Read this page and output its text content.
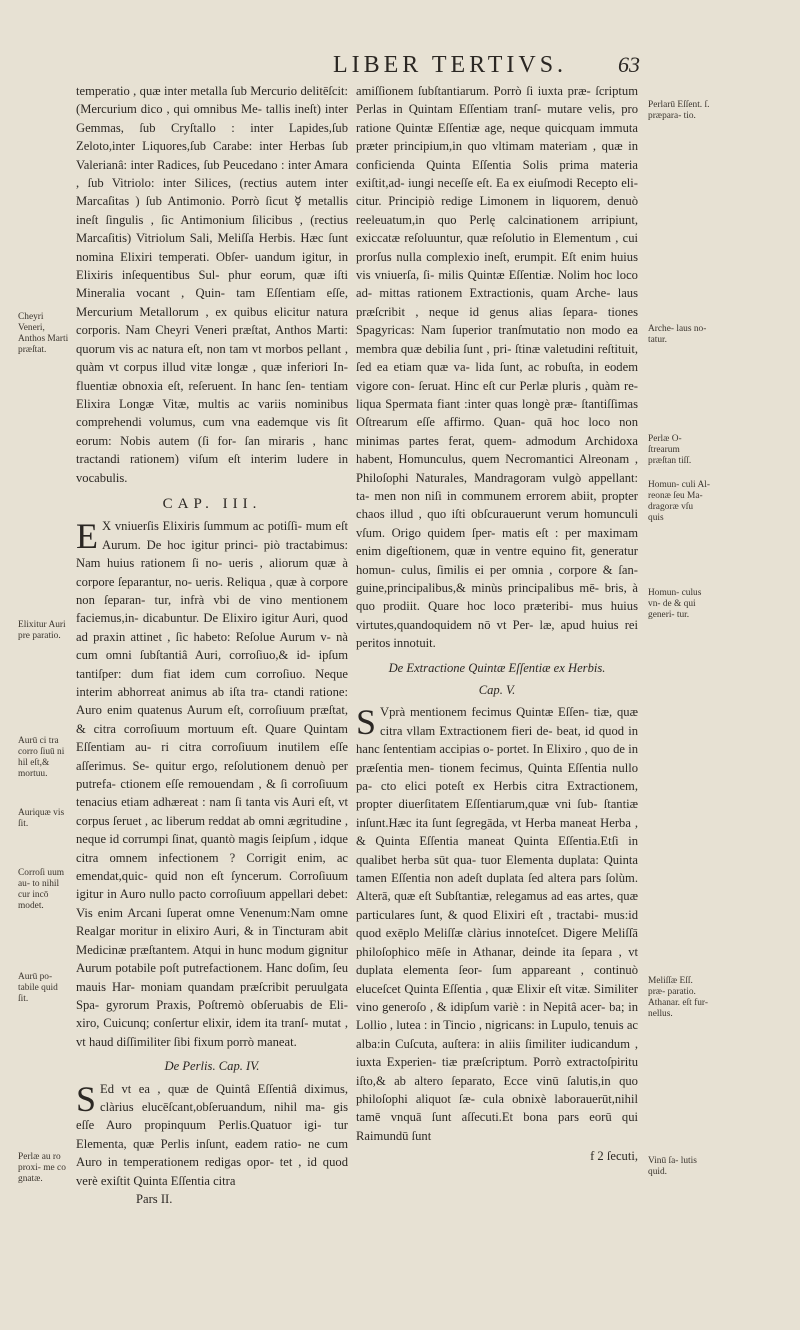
LIBER TERTIVS.	63
Cheyri Veneri, Anthos Marti præſtat.
Elixitur Auri pre paratio.
Aurū ci tra corro ſiuū ni hil eſt,& mortuu.
Auriquæ vis ſit.
Corroſi uum au- to nihil cur incō modet.
Aurū po- tabile quid ſit.
Perlæ au ro proxi- me co gnatæ.
Perlarū Eſſent. ſ. præpara- tio.
Arche- laus no- tatur.
Perlæ O- ſtrearum præſtan tiſſ.
Homun- culi Al- reonæ ſeu Ma- dragoræ vſu quis
Homun- culus vn- de & qui generi- tur.
Meliſſæ Eſſ. præ- paratio. Athanar. eſt fur- nellus.
Vinū ſa- lutis quid.

temperatio , quæ inter metalla ſub Mercurio delitēſcit: (Mercurium dico , qui omnibus Me- tallis ineſt) inter Gemmas, ſub Cryſtallo : inter Lapides,ſub Zeloto,inter Liquores,ſub Carabe: inter Herbas ſub Valerianâ: inter Radices, ſub Peucedano : inter Amara , ſub Vitriolo: inter Silices, (rectius autem inter Marcaſitas ) ſub Antimonio. Porrò ſicut ☿ metallis ineſt ſingulis , ſic Antimonium ſilicibus , (rectius Marcaſitis) Vitriolum Sali, Meliſſa Herbis. Hæc ſunt nomina Elixiri temperati. Obſer- uandum igitur, in Elixiris inſequentibus Sul- phur eorum, quæ iſti Mineralia vocant , Quin- tam Eſſentiam eſſe, Mercurium Metallorum , ex quibus elicitur natura corporis. Nam Cheyri Veneri præſtat, Anthos Marti: quorum vis ac natura eſt, non tam vt morbos pellant , quàm vt corpus illud vitæ longæ , quæ inferiori In- fluentiæ obnoxia eſt, reſeruent. In hanc ſen- tentiam Elixira Longæ Vitæ, multis ac variis nominibus comprehendi volumus, cum vna eademque vis ſit eorum: Nobis autem (ſi for- ſan miraris , hanc tractandi rationem) viſum eſt interim ludere in vocabulis.

CAP. III.

E X vniuerſis Elixiris ſummum ac potiſſi- mum eſt Aurum. De hoc igitur princi- piò tractabimus: Nam huius rationem ſi no- ueris , aliorum quæ à corpore ſeparantur, no- ueris. Reliqua , quæ à corpore non ſeparan- tur, infrà vbi de vino mentionem faciemus,in- dicabuntur. De Elixiro igitur Auri, quod ad praxin attinet , ſic habeto: Reſolue Aurum v- nà cum omni ſubſtantiâ Auri, corroſiuo,& id- ipſum tantiſper: dum fiat idem cum corroſiuo. Neque interim abhorreat animus ab iſta tra- ctandi ratione: Auro enim quatenus Aurum eſt, corroſiuum præſtat, & citra corroſiuum mortuum eſt. Quare Quintam Eſſentiam au- ri citra corroſiuum inutilem eſſe aſſerimus. Se- quitur ergo, reſolutionem denuò per putrefa- ctionem eſſe remouendam , & ſi corroſiuum tenacius etiam adhæreat : nam ſi tanta vis Auri eſt, vt corpus ſeruet , ac liberum reddat ab omni ægritudine , neque id corrumpi ſinat, quantò magis ſeipſum , idque citra omnem infectionem ? Corrigit enim, ac emendat,quic- quid non eſt ſyncerum. Corroſiuum igitur in Auro nullo pacto corroſiuum appellari debet: Vis enim Arcani ſuperat omne Venenum:Nam omne Realgar moritur in elixiro Auri, & in Tincturam abit Medicinæ præſtantem. Atqui in hunc modum gignitur Aurum potabile poſt putrefactionem. Hanc doſim, ſeu mauis Har- moniam quandam præſcribit peruulgata Spa- gyrorum Praxis, Poſtremò obſeruabis de Eli- xiro, Cuicunq; conſertur elixir, idem ita tranſ- mutat , vt haud diſſimiliter ſibi fixum porrò maneat.

De Perlis. Cap. IV.

S Ed vt ea , quæ de Quintâ Eſſentiâ diximus, clàrius elucēſcant,obſeruandum, nihil ma- gis eſſe Auro propinquum Perlis.Quatuor igi- tur Elementa, quæ Perlis inſunt, eadem ratio- ne cum Auro in temperationem redigas opor- tet , id quod verè exiſtit Quinta Eſſentia citra

Pars II.

amiſſionem ſubſtantiarum. Porrò ſi iuxta præ- ſcriptum Perlas in Quintam Eſſentiam tranſ- mutare velis, pro ratione Quintæ Eſſentiæ age, neque quicquam immuta præter principium,in quo vltimam materiam , quæ in conficienda Quinta Eſſentia Solis prima materia exiſtit,ad- iungi neceſſe eſt. Ea ex eiuſmodi Recepto eli- citur. Principiò redige Limonem in liquorem, denuò reeleuatum,in quo Perlę calcinationem arripiunt, exiccatæ reſoluuntur, quæ reſolutio in Elementum , cui prorſus nulla complexio ineſt, erumpit. Eſt enim huius vis vniuerſa, ſi- milis Quintæ Eſſentiæ. Nolim hoc loco ad- mittas rationem Extractionis, quam Arche- laus præſcribit , neque id genus alias ſepara- tiones Spagyricas: Nam ſuperior tranſmutatio non modo ea membra quæ debilia ſunt , pri- ſtinæ valetudini reſtituit, ſed ea etiam quæ va- lida ſunt, ac robuſta, in eodem vigore con- ſeruat. Hinc eſt cur Perlæ pluris , quàm re- liqua Spermata fiant :inter quas longè præ- ſtantiſſimas Oſtrearum eſſe affirmo. Quan- quā hoc loco non minimas partes ferat, quem- admodum Archidoxa habent, Homunculus, quem Necromantici Alreonam , Philoſophi Naturales, Mandragoram vulgò appellant: ta- men non niſi in communem errorem abiit, propter chaos illud , quo iſti obſcurauerunt verum homunculi vſum. Origo quidem ſper- matis eſt : per maximam enim digeſtionem, quæ in ventre equino fit, generatur homun- culus, ſimilis ei per omnia , corpore & ſan- guine,principalibus,& minùs principalibus mē- bris, à quo prodiit. Quare hoc loco præteribi- mus huius virtutes,quandoquidem nō vt Per- læ, apud huius rei peritos innotuit.

De Extractione Quintæ Eſſentiæ ex Herbis.
Cap. V.

S Vprà mentionem fecimus Quintæ Eſſen- tiæ, quæ citra vllam Extractionem fieri de- beat, id quod in hanc ſententiam accipias o- portet. In Elixiro , quo de in præſentia men- tionem fecimus, Quinta Eſſentia nullo pa- cto elici poteſt ex Herbis citra Extractionem, propter diuerſitatem Eſſentiarum,quæ vni ſub- ſtantiæ inſunt.Hæc ita ſunt ſegregāda, vt Herba maneat Herba , & Quinta Eſſentia maneat Quinta Eſſentia.Etſi in qualibet herba sūt qua- tuor Elementa duplata: Quinta tamen Eſſentia non adeſt duplata ſed altera pars ſolùm. Alterā, quæ eſt Subſtantiæ, relegamus ad eas artes, quæ particulares ſunt, & quod Elixiri eſt , tractabi- mus:id quod exēplo Meliſſæ clàrius innoteſcet. Digere Meliſſā philoſophico mēſe in Athanar, deinde ita ſepara , vt duplata elementa ſeor- ſum appareant , continuò eluceſcet Quinta Eſſentia , quæ Elixir eſt vitæ. Similiter vino generoſo , & idipſum variè : in Nepitâ acer- ba; in Lollio , lutea : in Tincio , nigricans: in Lupulo, tenuis ac alba:in Cuſcuta, auſtera: in aliis ſimiliter iudicandum , iuxta Experien- tiæ præſcriptum. Porrò extractoſpiritu iſto,& ab altero ſeparato, Ecce vinū ſalutis,in quo philoſophi aliquot ſæ- cula obnixè laborauerūt,nihil tamē vnquā ſunt aſſecuti.Et bona pars eorū qui Raimundū ſunt

f 2 ſecuti,
